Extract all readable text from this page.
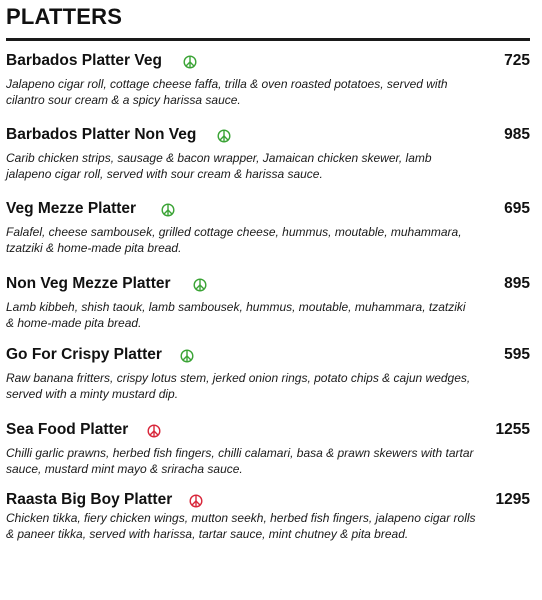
PLATTERS
Barbados Platter Veg	725
Jalapeno cigar roll, cottage cheese faffa, trilla & oven roasted potatoes, served with cilantro sour cream & a spicy harissa sauce.
Barbados Platter Non Veg	985
Carib chicken strips, sausage & bacon wrapper, Jamaican chicken skewer, lamb jalapeno cigar roll, served with sour cream & harissa sauce.
Veg Mezze Platter	695
Falafel, cheese sambousek, grilled cottage cheese, hummus, moutable, muhammara, tzatziki & home-made pita bread.
Non Veg Mezze Platter	895
Lamb kibbeh, shish taouk, lamb sambousek, hummus, moutable, muhammara, tzatziki & home-made pita bread.
Go For Crispy Platter	595
Raw banana fritters, crispy lotus stem, jerked onion rings, potato chips & cajun wedges, served with a minty mustard dip.
Sea Food Platter	1255
Chilli garlic prawns, herbed fish fingers, chilli calamari, basa & prawn skewers with tartar sauce, mustard mint mayo & sriracha sauce.
Raasta Big Boy Platter	1295
Chicken tikka, fiery chicken wings, mutton seekh, herbed fish fingers, jalapeno cigar rolls & paneer tikka, served with harissa, tartar sauce, mint chutney & pita bread.
